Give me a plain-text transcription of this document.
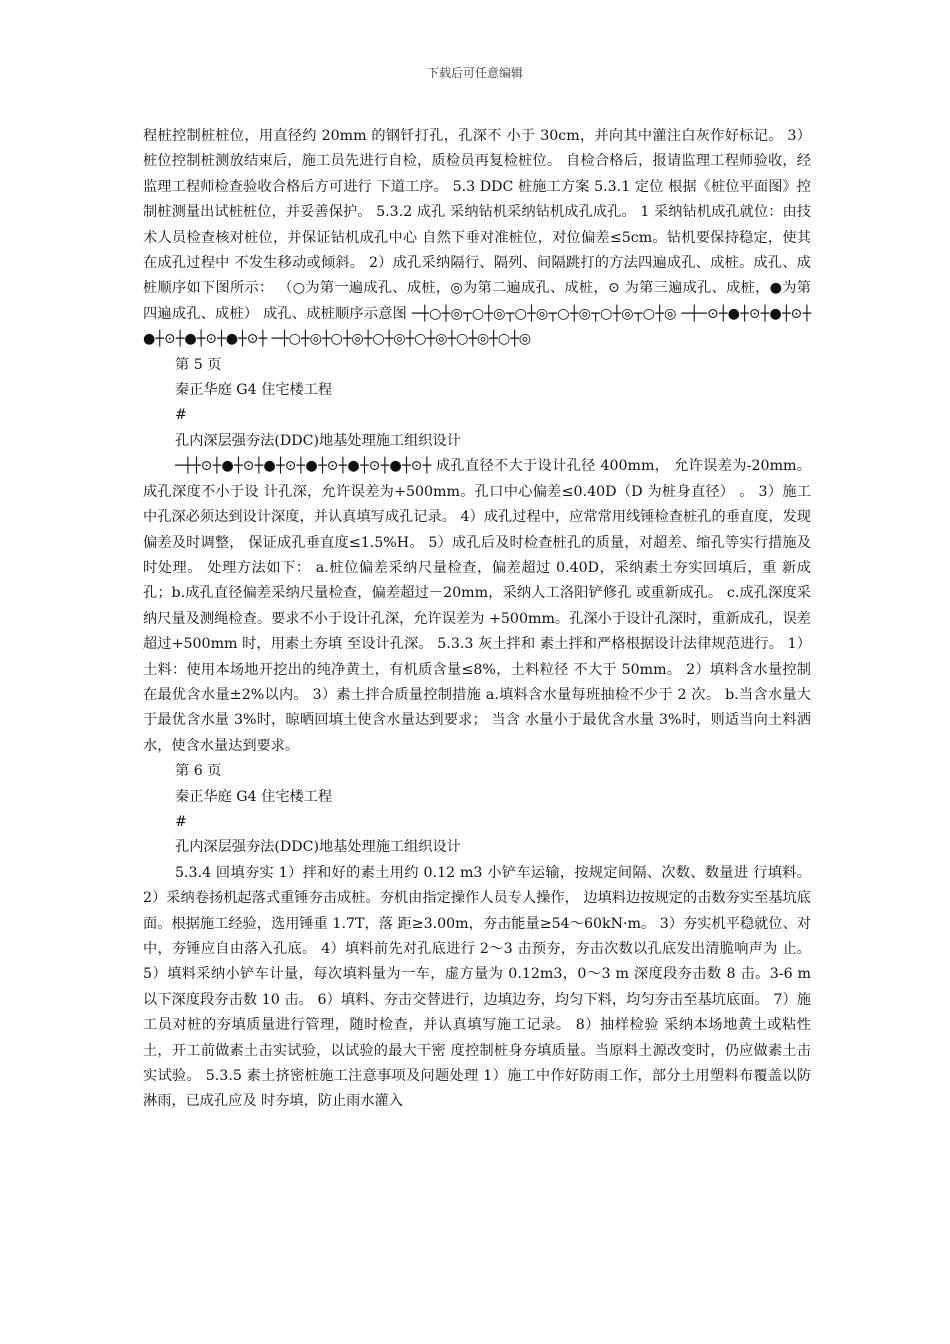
下载后可任意编辑

程桩控制桩桩位，用直径约 20mm 的钢钎打孔，孔深不 小于 30cm，并向其中灌注白灰作好标记。 3）桩位控制桩测放结束后，施工员先进行自检，质检员再复检桩位。 自检合格后，报请监理工程师验收，经监理工程师检查验收合格后方可进行 下道工序。 5.3 DDC 桩施工方案 5.3.1 定位 根据《桩位平面图》控制桩测量出试桩桩位，并妥善保护。 5.3.2 成孔 采纳钻机采纳钻机成孔成孔。 1 采纳钻机成孔就位：由技术人员检查核对桩位，并保证钻机成孔中心 自然下垂对准桩位，对位偏差≤5cm。钻机要保持稳定，使其在成孔过程中 不发生移动或倾斜。 2）成孔采纳隔行、隔列、间隔跳打的方法四遍成孔、成桩。成孔、成桩顺序如下图所示： （○为第一遍成孔、成桩，◎为第二遍成孔、成桩，⊙ 为第三遍成孔、成桩，●为第四遍成孔、成桩） 成孔、成桩顺序示意图 ─┼○┼◎┬○┼◎┬○┼◎┬○┼◎┬○┼◎┬○┼◎ ─┼─⊙┼●┼⊙┼●┼⊙┼●┼⊙┼●┼⊙┼●┼⊙┼ ─┼○┼◎┼○┼◎┼○┼◎┼○┼◎┼○┼◎┼○┼◎

第 5 页

秦正华庭 G4 住宅楼工程

#

孔内深层强夯法(DDC)地基处理施工组织设计

─┼┼⊙┼●┼⊙┼●┼⊙┼●┼⊙┼●┼⊙┼●┼⊙┼ 成孔直径不大于设计孔径 400mm， 允许误差为-20mm。 成孔深度不小于设 计孔深，允许误差为+500mm。孔口中心偏差≤0.40D（D 为桩身直径） 。 3）施工中孔深必须达到设计深度，并认真填写成孔记录。 4）成孔过程中，应常常用线锤检查桩孔的垂直度，发现偏差及时调整， 保证成孔垂直度≤1.5%H。 5）成孔后及时检查桩孔的质量，对超差、缩孔等实行措施及时处理。 处理方法如下： a.桩位偏差采纳尺量检查，偏差超过 0.40D，采纳素土夯实回填后，重 新成孔；b.成孔直径偏差采纳尺量检查，偏差超过－20mm，采纳人工洛阳铲修孔 或重新成孔。 c.成孔深度采纳尺量及测绳检查。要求不小于设计孔深，允许误差为 +500mm。孔深小于设计孔深时，重新成孔，误差超过+500mm 时，用素土夯填 至设计孔深。 5.3.3 灰土拌和 素土拌和严格根据设计法律规范进行。 1）土料：使用本场地开挖出的纯净黄土，有机质含量≤8%，土料粒径 不大于 50mm。 2）填料含水量控制在最优含水量±2%以内。 3）素土拌合质量控制措施 a.填料含水量每班抽检不少于 2 次。 b.当含水量大于最优含水量 3%时，晾晒回填土使含水量达到要求； 当含 水量小于最优含水量 3%时，则适当向土料洒水，使含水量达到要求。

第 6 页

秦正华庭 G4 住宅楼工程

#

孔内深层强夯法(DDC)地基处理施工组织设计

5.3.4 回填夯实 1）拌和好的素土用约 0.12 m3 小铲车运输，按规定间隔、次数、数量进 行填料。 2）采纳卷扬机起落式重锤夯击成桩。夯机由指定操作人员专人操作， 边填料边按规定的击数夯实至基坑底面。根据施工经验，选用锤重 1.7T，落 距≥3.00m，夯击能量≥54～60kN·m。 3）夯实机平稳就位、对中，夯锤应自由落入孔底。 4）填料前先对孔底进行 2～3 击预夯，夯击次数以孔底发出清脆响声为 止。 5）填料采纳小铲车计量，每次填料量为一车，虚方量为 0.12m3，0～3 m 深度段夯击数 8 击。3-6 m 以下深度段夯击数 10 击。 6）填料、夯击交替进行，边填边夯，均匀下料，均匀夯击至基坑底面。 7）施工员对桩的夯填质量进行管理，随时检查，并认真填写施工记录。 8）抽样检验 采纳本场地黄土或粘性土，开工前做素土击实试验，以试验的最大干密 度控制桩身夯填质量。当原料土源改变时，仍应做素土击实试验。 5.3.5 素土挤密桩施工注意事项及问题处理 1）施工中作好防雨工作，部分土用塑料布覆盖以防淋雨，已成孔应及 时夯填，防止雨水灌入
